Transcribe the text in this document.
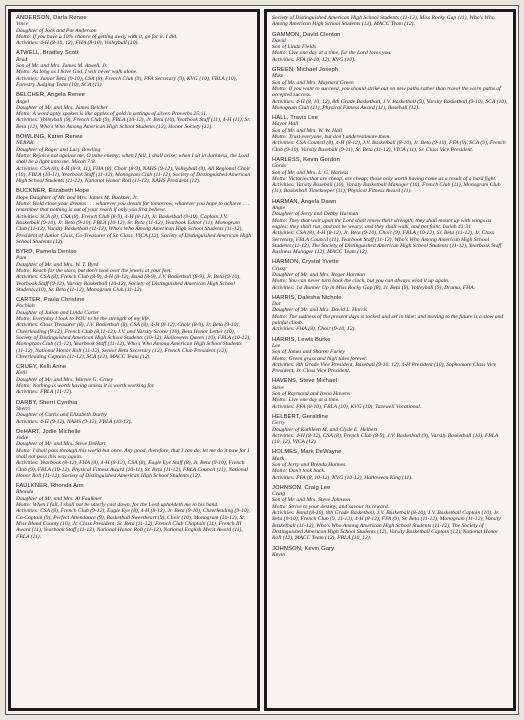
ANDERSON, Darla Renee

Vince

Daughter of Jack and Pat Anderson

Motto: If you have a 10% chance of getting away with it, go for it. I did.

Activities: 4-H (8-10, 12), FHA (8-10), Volleyball (10).

ATWELL, Bradley Scott

Brad

Son of Mr. and Mrs. James M. Atwell, Jr.

Motto: As long as I have God, I will never walk alone.

Activities: Junior Beta (9-10), CSA (8), French Club (9), FFA Secretary (9), KVG (10), FBLA (10), Forestry Judging Team (10), SCA (11).

BELCHER, Angela Renee

Angel

Daughter of Mr. and Mrs. James Belcher

Motto: A word aptly spoken is like apples of gold in settings of silver. Proverbs 25:11.

Activities: Volleyball (9), French Club (9), FBLA (10-12), Jr. Beta (10), Yearbook Staff (11), 4-H (11), Sr. Beta (12), Who's Who Among American High School Students (12), Honor Society (12).

BOWLING, Karen Renee

NERAK

Daughter of Roger and Lucy Bowling

Motto: Rejoice not against me, O mine enemy; when I fall, I shall arise; when I sit in darkness, the Lord shall be a light unto me. Micah 7:8.

Activities: CSA (8), 4-H (8-9, 11), FHA (8), Choir (8-9), NAHS (9-12), Volleyball (9), All Regional Choir (10), FBLA (10-11), Yearbook Staff (11-12), Monogram Club (11-12), Society of Distinguished American High School Students (11-12), National Honor Roll (11-12), NAHS President (12).

BUCKNER, Elizabeth Hope

Hope Daughter of Mr. and Mrs. James M. Buckner, Jr.

Motto: Hold close your dreams . . . whatever you dream for tomorrow, whatever you hope to achieve . . . remember that nothing is out of your reach if only you first believe.

Activities: SCA (8), CSA (8), French Club (8-9), 4-H (8-12), Jr. Basketball (9-10), Captain J.V. Basketball (9-10), Jr. Beta (9-10), FBLA (10-12), Sr. Beta (11-12), Yearbook Editor (11), Monogram Club (11-12), Varsity Basketball (11-12), Who's Who Among American High School Students (11-12), President of Junior Class, Co-Treasurer of Sr. Class, VICA (12), Society of Distinguished American High School Students (12).

BYRD, Pamela Denise

Pam

Daughter of Mr. and Mrs. W. T. Byrd

Motto: Reach for the stars, but don't look over the jewels at your feet.

Activities: CSA (8), French Club (8-9), 4-H (8-12), Band (8-9), J.V. Basketball (8-9), Jr. Beta (9-10), Yearbook Staff (9-12), Varsity Basketball (10-12), Society of Distinguished American High School Students (10), Sr. Beta (11-12), Monogram Club (11-12).

CARTER, Paula Christine

Pochlah

Daughter of Julian and Linda Carter

Motto: Everyday I look to YOU to be the strength of my life.

Activities: Class Treasurer (8), J.V. Basketball (8), CSA (8), 4-H (8-12), Choir (8-9), Jr. Beta (9-10), Cheerleading (9-12), French Club (8,11-12), J.V. and Varsity Scorer (10), Beta Honor Letter (10), Society of Distinguished American High School Students (10-12), Halloween Queen (10), FBLA (10-12), Monogram Club (11-12), Yearbook Staff (11-12), Who's Who Among American High School Students (11-12), National Honor Roll (11-12), Senior Beta Secretary (12), French Club President (12), Cheerleading Captain (11-12), SCA (12), MACC Team (12).

CRUEY, Kelli Anne

Kelli

Daughter of Mr. and Mrs. Warnie G. Cruey

Motto: Nothing is worth having unless it is worth working for.

Activities: FBLA (11-12).

DARBY, Sherri Cynthia

Sherri

Daughter of Curtis and Elizabeth Darby

Activities: 4-H (9-12), NAHS (9-12), FBLA (10-12).

DeHART, Jodie Michelle

Jodie

Daughter of Mr. and Mrs. Steve DeHart

Motto: I shall pass through this world but once. Any good, therefore, that I can do, let me do it now for I shall not pass this way again.

Activities: Yearbook (8-12), FHA (8), 4-H (8-12), CSA (8), Eagle Eye Staff (8), Jr. Beta (9-10), French Club (9), FBLA (10-12), Physical Fitness Award (10-11), Sr. Beta (11-12), FBLA Council (11), National Honor Roll (11-12), Society of Distinguished American High School Students (12).

FAULKNER, Rhonda Ann

Rhonda

Daughter of Mr. and Mrs. Al Faulkner

Motto: When I fall, I shall not be utterly cast down, for the Lord upholdeth me in his hand.

Activities: CSA (8), French Club (9-12), Eagle Eye (8), 4-H (8-12), Jr. Beta (9-10), Cheerleading (9-10), Co-Captain (9), Perfect Attendance (9), Basketball Sweetheart (9), Choir (10), Monogram (10-12), Sr. Miss Bland County (10), Jr. Class President, Sr. Beta (11-12), French Club Chaplain (11), French III Award (11), Yearbook Staff (11-12), National Honor Roll (11-12), National English Merit Award (11), FBLA (11).

Society of Distinguished American High School Students (11-12), Miss Rocky Gap (11), Who's Who Among American High School Students (12), MACC Team (12).

GAMMON, David Clenton

David

Son of Linda Fields

Motto: Live one day at a time, for the Lord loves you.

Activities: FFA (8-10, 12), KVG (10).

GREEN, Michael Joseph

Mike

Son of Mr. and Mrs. Maynard Green

Motto: If you want to succeed, you should strike out on new paths rather than travel the worn paths of accepted success.

Activities: 4-H (8, 10, 12), 8th Grade Basketball, J.V. Basketball (9), Varsity Basketball (9-10), SCA (10), Monogram Club (11), Physical Fitness Award (11), Baseball (12).

HALL, Travis Lee

Mayor Hall

Son of Mr. and Mrs. W. W. Hall

Motto: Trust everyone, but don't underestimate them.

Activities: CSA Council (8), 4-H (8-12), J.V. Basketball (8-10), Jr. Beta (9-10), FFA (9), SCA (9), French Club (9-10), Varsity Baseball (9-11), Sr. Beta (11-12), VICA (11), Sr. Class Vice President.

HARLESS, Kevin Gordon

Gordo

Son of Mr. and Mrs. L. G. Harless

Motto: Victories that are cheap, are cheap; those only worth having come as a result of a hard fight.

Activities: Varsity Baseball (10), Varsity Basketball Manager (10), French Club (11), Monogram Club (11), Basketball Timekeeper (11), Physical Fitness Award (11).

HARMAN, Angela Dawn

Angie

Daughter of Jerry and Debby Harman

Motto: They that wait upon the Lord shall renew their strength; they shall mount up with wings as eagles; they shall run, and not be weary; and they shall walk, and not faint. Isaiah 41:31

Activities: CSA (8), 4-H (8-12), Jr. Beta (9-10), Choir (9), FBLA (10-12), Sr. Beta (11-12), Jr. Class Secretary, FBLA Council (11), Yearbook Staff (11-12), Who's Who Among American High School Students (11-12), The Society of Distinguished American High School Students (11-12), Yearbook Staff Business Manager (12), MACC Team (12).

HARMON, Crystal Yvette

Crissy

Daughter of Mr. and Mrs. Roger Harmon

Motto: You can never turn back the clock, but you can always wind it up again.

Activities: 1st Runner Up in Miss Rocky Gap (8), Jr. Beta (9), Volleyball (9), Drama, FHA.

HARRIS, Dalesha Nichole

Dar

Daughter of Mr. and Mrs. David L. Harris

Motto: The sadness of the present days is locked and set in time; and moving to the future is a slow and painful climb.

Activities: FHA (8), Choir (9-10, 12).

HARRIS, Lewis Burke

Lee

Son of James and Sharon Farley

Motto: Green grass and high tides forever.

Activities: 8th Grade Vice President, Baseball (9-10, 12), 4-H President (10), Sophomore Class Vice President, Jr. Class Vice President.

HAVENS, Steve Michael

Steve

Son of Raymond and Irena Havens

Motto: Live one day at a time.

Activities: FFA (8-10), FBLA (10), KVG (10), Tazewell Vocational.

HELBERT, Geraldine

Gerry

Daughter of Kathleen M. and Clyde E. Helbert

Activities: 4-H (8-12), CSA (8), French Club (8-9), J.V. Basketball (9), Varsity Basketball (10), FBLA (10, 12), VICA (12).

HOLMES, Mark DeWayne

Mark

Son of Jerry and Brenda Holmes

Motto: Don't look back.

Activities: FFA (8, 10-12), KVG (10-12), Halloween King (11).

JOHNSON, Craig Lee

Craig

Son of Mr. and Mrs. Steve Johnson

Motto: Strive to your destiny, and savour its reward.

Activities: Band (8-10), 8th Grade Basketball, J.V. Basketball (8-10), J.V. Basketball Captain (10), Jr. Beta (9-10), French Club (9, 11-12), 4-H (8-12), FFA (9), Sr. Beta (11-12), Monogram (11-12), Varsity Basketball (11-12), Who's Who Among American High School Students (11-12), The Society of Distinguished American High School Students (12), Varsity Basketball Captain (12), National Honor Roll (12), MACC Team (12), FBLA (10, 12).

JOHNSON, Kevin Gary

Kevin
